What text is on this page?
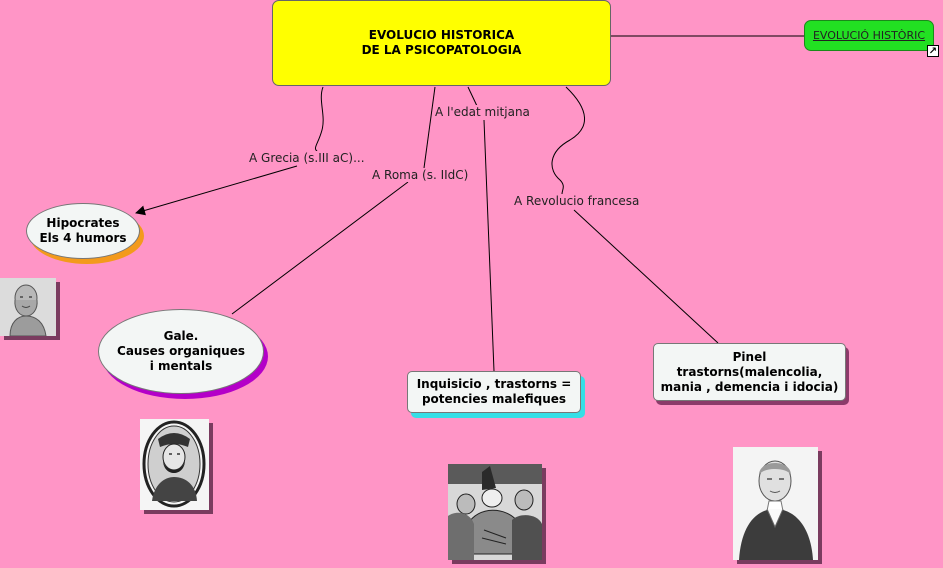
EVOLUCIO HISTORICA
DE LA PSICOPATOLOGIA
EVOLUCIÓ HISTÒRIC
↗
A Grecia (s.III aC)...
A Roma (s. IIdC)
A l'edat mitjana
A Revolucio francesa
Hipocrates
Els 4 humors
Gale.
Causes organiques
i mentals
Inquisicio , trastorns =
potencies malefiques
Pinel
trastorns(malencolia,
mania , demencia i idocia)
